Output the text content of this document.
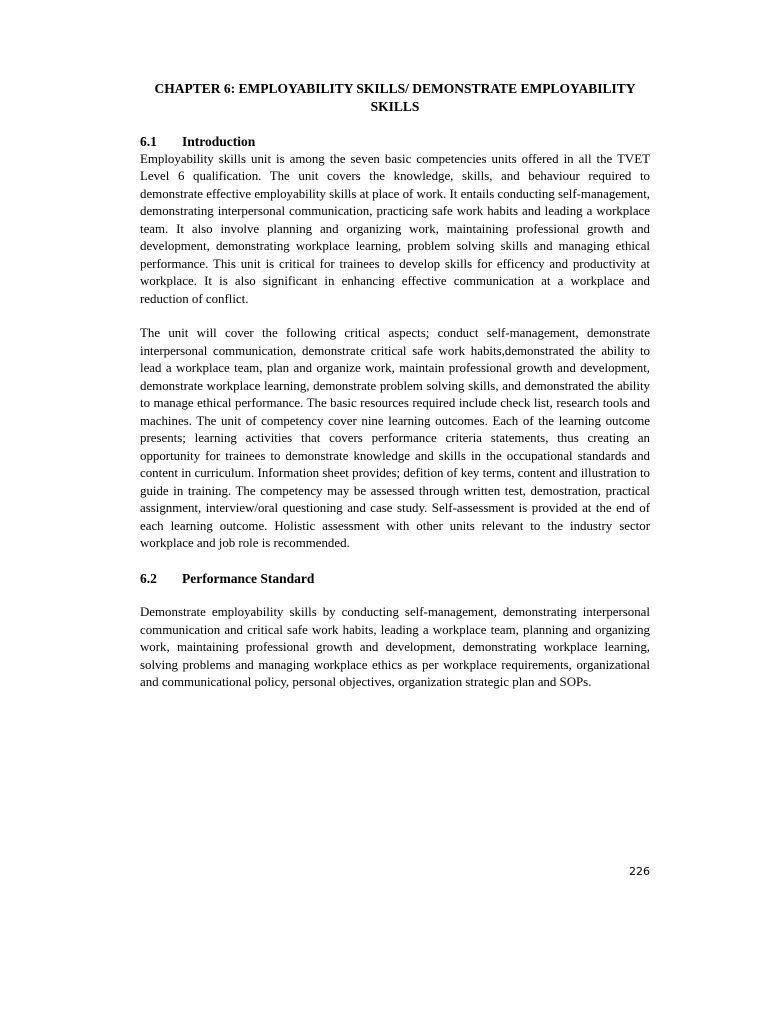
CHAPTER 6: EMPLOYABILITY SKILLS/ DEMONSTRATE EMPLOYABILITY SKILLS
6.1	Introduction

Employability skills unit is among the seven basic competencies units offered in all the TVET Level 6 qualification. The unit covers the knowledge, skills, and behaviour required to demonstrate effective employability skills at place of work. It entails conducting self-management, demonstrating interpersonal communication, practicing safe work habits and leading a workplace team. It also involve planning and organizing work, maintaining professional growth and development, demonstrating workplace learning, problem solving skills and managing ethical performance. This unit is critical for trainees to develop skills for efficency and productivity at workplace. It is also significant in enhancing effective communication at a workplace and reduction of conflict.

The unit will cover the following critical aspects; conduct self-management, demonstrate interpersonal communication, demonstrate critical safe work habits,demonstrated the ability to lead a workplace team, plan and organize work, maintain professional growth and development, demonstrate workplace learning, demonstrate problem solving skills, and demonstrated the ability to manage ethical performance. The basic resources required include check list, research tools and machines. The unit of competency cover nine learning outcomes. Each of the learning outcome presents; learning activities that covers performance criteria statements, thus creating an opportunity for trainees to demonstrate knowledge and skills in the occupational standards and content in curriculum. Information sheet provides; defition of key terms, content and illustration to guide in training. The competency may be assessed through written test, demostration, practical assignment, interview/oral questioning and case study. Self-assessment is provided at the end of each learning outcome. Holistic assessment with other units relevant to the industry sector workplace and job role is recommended.

6.2	Performance Standard

Demonstrate employability skills by conducting self-management, demonstrating interpersonal communication and critical safe work habits, leading a workplace team, planning and organizing work, maintaining professional growth and development, demonstrating workplace learning, solving problems and managing workplace ethics as per workplace requirements, organizational and communicational policy, personal objectives, organization strategic plan and SOPs.

226
